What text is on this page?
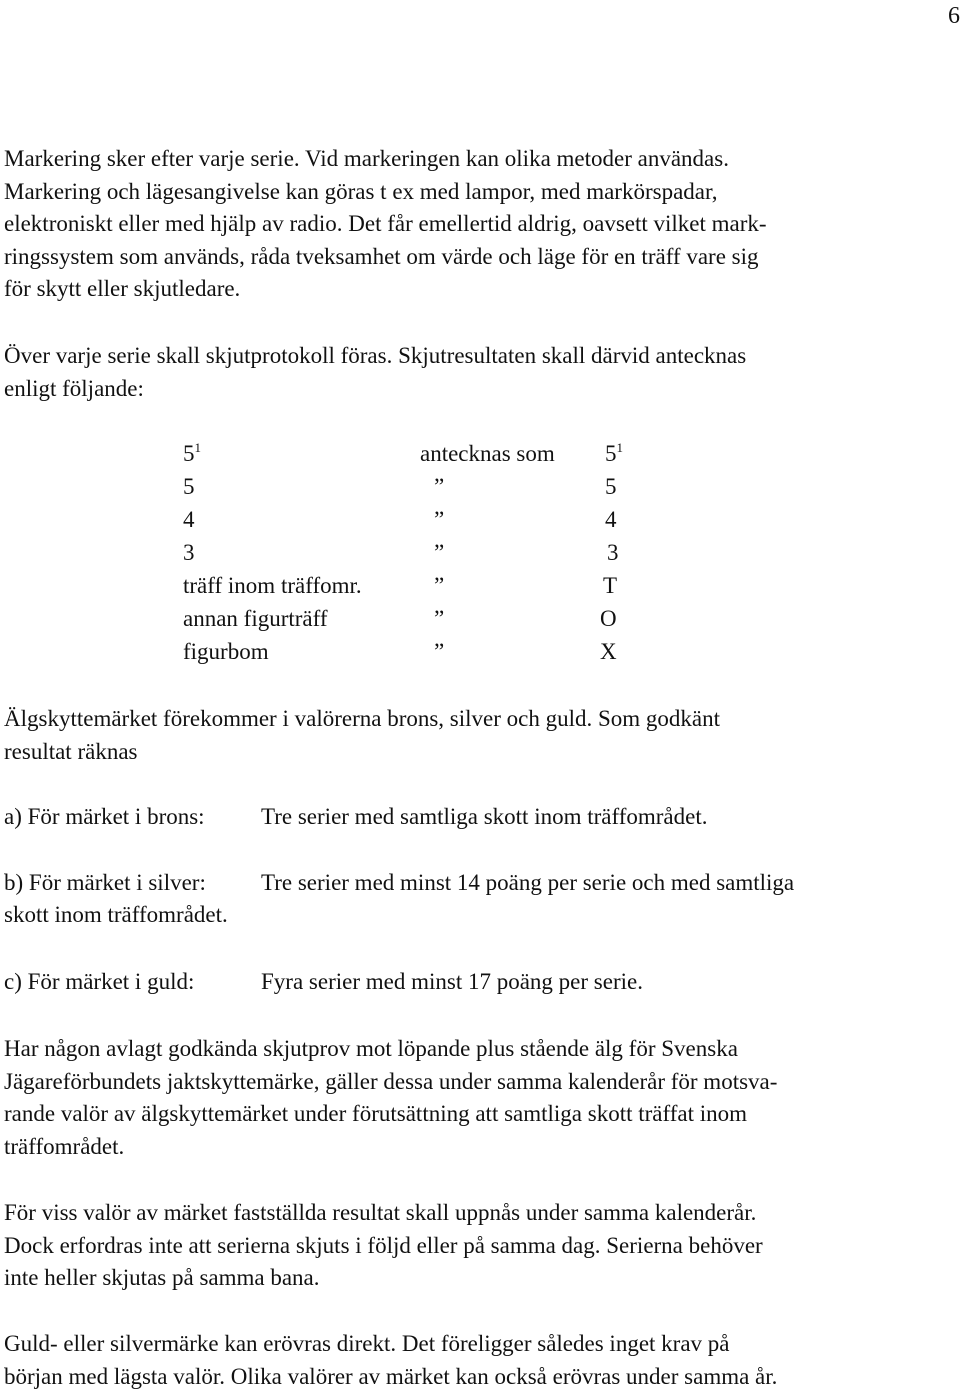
6

Markering sker efter varje serie. Vid markeringen kan olika metoder användas.
Markering och lägesangivelse kan göras t ex med lampor, med markörspadar,
elektroniskt eller med hjälp av radio. Det får emellertid aldrig, oavsett vilket mark-
ringssystem som används, råda tveksamhet om värde och läge för en träff vare sig
för skytt eller skjutledare.

Över varje serie skall skjutprotokoll föras. Skjutresultaten skall därvid antecknas
enligt följande:

$5^1$	antecknas som $5^1$
5	”	5
4	”	4
3	”	3
träff inom träffomr.	”	T
annan figurträff	”	O
figurbom	”	X

Älgskyttemärket förekommer i valörerna brons, silver och guld. Som godkänt
resultat räknas

a) För märket i brons: Tre serier med samtliga skott inom träffområdet.
b) För märket i silver: Tre serier med minst 14 poäng per serie och med samtliga
skott inom träffområdet.
c) För märket i guld:	Fyra serier med minst 17 poäng per serie.

Har någon avlagt godkända skjutprov mot löpande plus stående älg för Svenska
Jägareförbundets jaktskyttemärke, gäller dessa under samma kalenderår för motsva-
rande valör av älgskyttemärket under förutsättning att samtliga skott träffat inom
träffområdet.

För viss valör av märket fastställda resultat skall uppnås under samma kalenderår.
Dock erfordras inte att serierna skjuts i följd eller på samma dag. Serierna behöver
inte heller skjutas på samma bana.

Guld- eller silvermärke kan erövras direkt. Det föreligger således inget krav på
början med lägsta valör. Olika valörer av märket kan också erövras under samma år.
